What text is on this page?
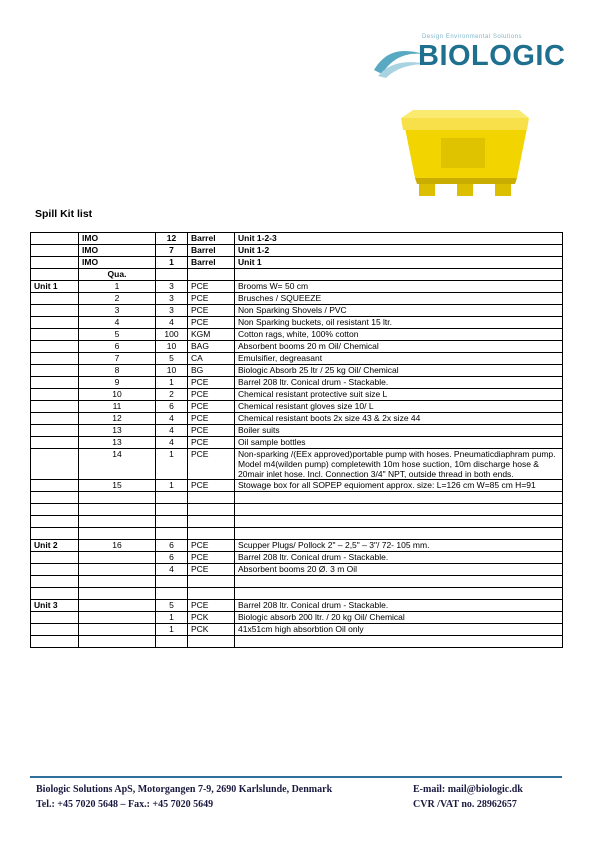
Design Environmental Solutions
BIOLOGIC
Spill Kit list
	IMO	12	Barrel	Unit 1-2-3
	IMO	7	Barrel	Unit 1-2
	IMO	1	Barrel	Unit 1
	Qua.			
Unit 1	1	3	PCE	Brooms W= 50 cm
	2	3	PCE	Brusches / SQUEEZE
	3	3	PCE	Non Sparking Shovels / PVC
	4	4	PCE	Non Sparking buckets, oil resistant 15 ltr.
	5	100	KGM	Cotton rags, white, 100% cotton
	6	10	BAG	Absorbent booms 20 m Oil/ Chemical
	7	5	CA	Emulsifier, degreasant
	8	10	BG	Biologic Absorb 25 ltr / 25 kg Oil/ Chemical
	9	1	PCE	Barrel 208 ltr. Conical drum - Stackable.
	10	2	PCE	Chemical resistant protective suit size L
	11	6	PCE	Chemical resistant gloves size 10/ L
	12	4	PCE	Chemical resistant boots 2x size 43 & 2x size 44
	13	4	PCE	Boiler suits
	13	4	PCE	Oil sample bottles
	14	1	PCE	Non-sparking /(EEx approved)portable pump with hoses. Pneumaticdiaphram pump. Model m4(wilden pump) completewith 10m hose suction, 10m discharge hose & 20mair inlet hose. Incl. Connection 3/4" NPT, outside thread in both ends.
	15	1	PCE	Stowage box for all SOPEP equioment approx. size: L=126 cm W=85 cm H=91

Unit 2	16	6	PCE	Scupper Plugs/ Pollock 2" – 2,5" – 3"/ 72- 105 mm.
		6	PCE	Barrel 208 ltr. Conical drum - Stackable.
		4	PCE	Absorbent booms 20 Ø. 3 m Oil

Unit 3		5	PCE	Barrel 208 ltr. Conical drum - Stackable.
		1	PCK	Biologic absorb 200 ltr. / 20 kg Oil/ Chemical
		1	PCK	41x51cm high absorbtion Oil only

Biologic Solutions ApS, Motorgangen 7-9, 2690 Karlslunde, Denmark
Tel.: +45 7020 5648 – Fax.: +45 7020 5649
E-mail: mail@biologic.dk
CVR /VAT no. 28962657
